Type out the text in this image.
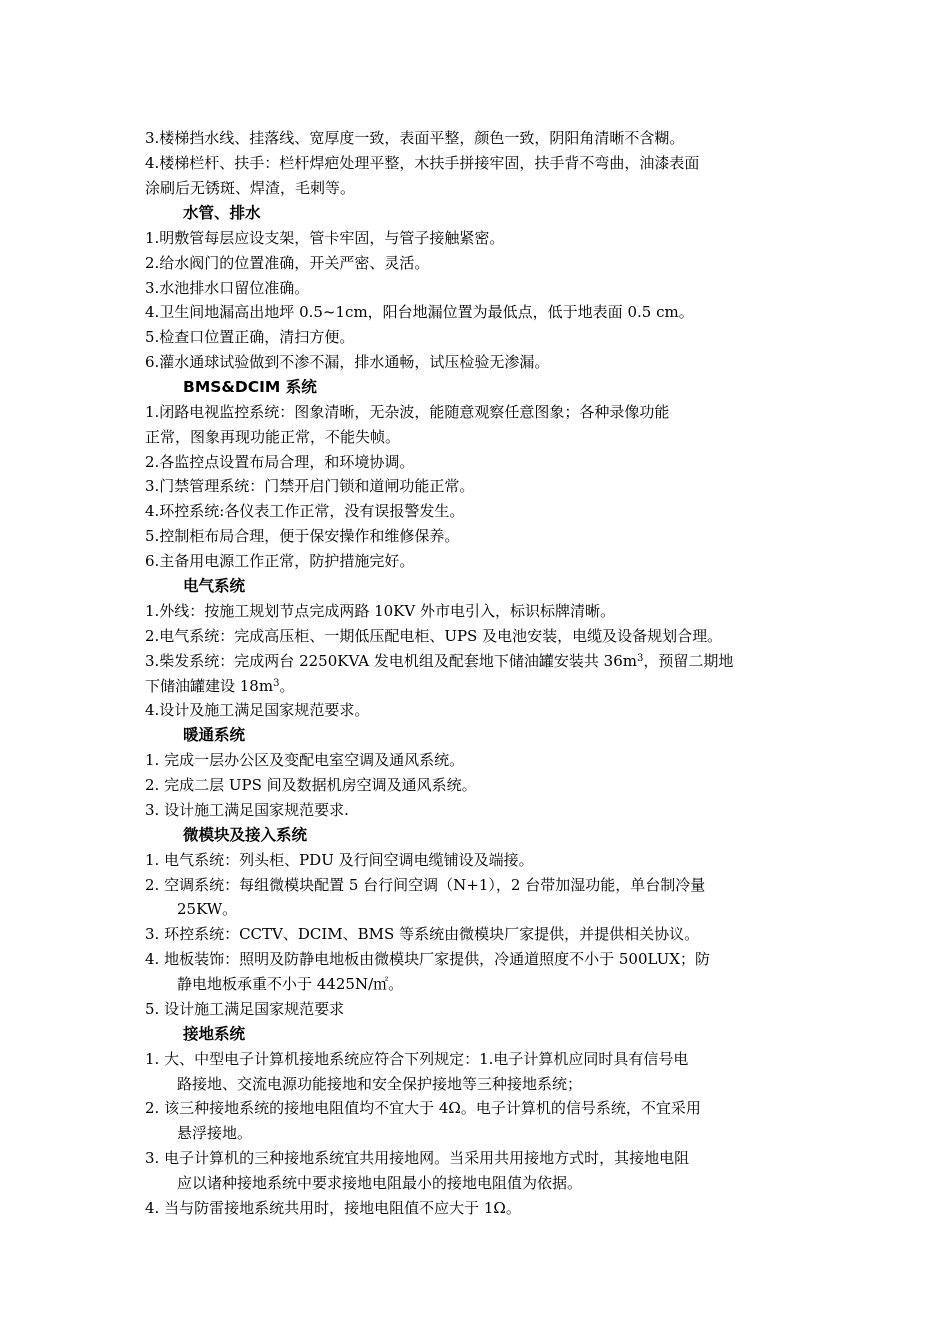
3.楼梯挡水线、挂落线、宽厚度一致，表面平整，颜色一致，阴阳角清晰不含糊。
4.楼梯栏杆、扶手：栏杆焊疤处理平整，木扶手拼接牢固，扶手背不弯曲，油漆表面
涂刷后无锈斑、焊渣，毛刺等。
水管、排水
1.明敷管每层应设支架，管卡牢固，与管子接触紧密。
2.给水阀门的位置准确，开关严密、灵活。
3.水池排水口留位准确。
4.卫生间地漏高出地坪 0.5~1cm，阳台地漏位置为最低点，低于地表面 0.5 cm。
5.检查口位置正确，清扫方便。
6.灌水通球试验做到不渗不漏，排水通畅，试压检验无渗漏。
BMS&DCIM 系统
1.闭路电视监控系统：图象清晰，无杂波，能随意观察任意图象；各种录像功能
正常，图象再现功能正常，不能失帧。
2.各监控点设置布局合理，和环境协调。
3.门禁管理系统：门禁开启门锁和道闸功能正常。
4.环控系统:各仪表工作正常，没有误报警发生。
5.控制柜布局合理，便于保安操作和维修保养。
6.主备用电源工作正常，防护措施完好。
电气系统
1.外线：按施工规划节点完成两路 10KV 外市电引入，标识标牌清晰。
2.电气系统：完成高压柜、一期低压配电柜、UPS 及电池安装，电缆及设备规划合理。
3.柴发系统：完成两台 2250KVA 发电机组及配套地下储油罐安装共 $36m^3$，预留二期地
下储油罐建设 $18m^3$。
4.设计及施工满足国家规范要求。
暖通系统
1. 完成一层办公区及变配电室空调及通风系统。
2. 完成二层 UPS 间及数据机房空调及通风系统。
3. 设计施工满足国家规范要求.
微模块及接入系统
1. 电气系统：列头柜、PDU 及行间空调电缆铺设及端接。
2. 空调系统：每组微模块配置 5 台行间空调（N+1），2 台带加湿功能，单台制冷量
25KW。
3. 环控系统：CCTV、DCIM、BMS 等系统由微模块厂家提供，并提供相关协议。
4. 地板装饰：照明及防静电地板由微模块厂家提供，冷通道照度不小于 500LUX；防
静电地板承重不小于 4425N/㎡。
5. 设计施工满足国家规范要求
接地系统
1. 大、中型电子计算机接地系统应符合下列规定：1.电子计算机应同时具有信号电
路接地、交流电源功能接地和安全保护接地等三种接地系统；
2. 该三种接地系统的接地电阻值均不宜大于 4Ω。电子计算机的信号系统，不宜采用
悬浮接地。
3. 电子计算机的三种接地系统宜共用接地网。当采用共用接地方式时，其接地电阻
应以诸种接地系统中要求接地电阻最小的接地电阻值为依据。
4. 当与防雷接地系统共用时，接地电阻值不应大于 1Ω。
